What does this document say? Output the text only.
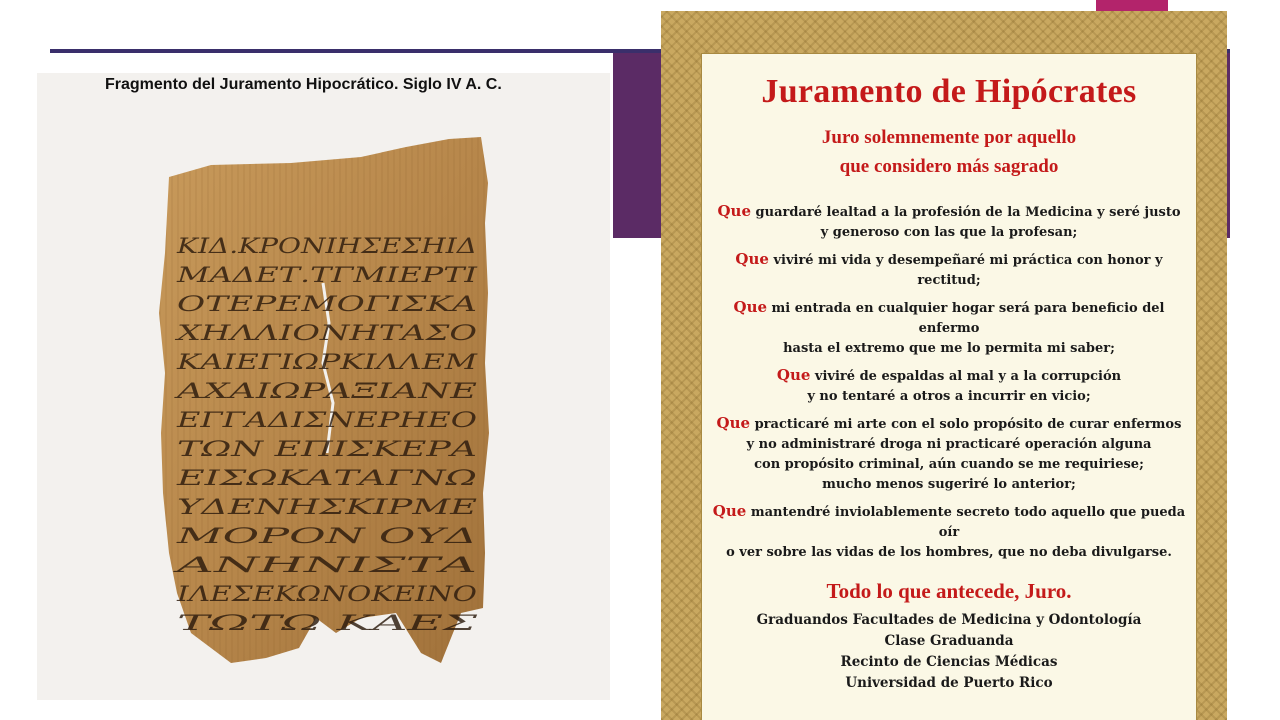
ΚΙΔ.ΚΡΟΝΙΗΣΕΣΗΙΔ
ΜΑΔΕΤ.ΤΓΜΙΕΡΤΙ
ΟΤΕΡΕΜΟΓΙΣΚΑ
ΧΗΛΛΙΟΝΗΤΑΣΟ
ΚΑΙΕΓΙΩΡΚΙΛΛΕΜ
ΑΧΑΙΩΡΑΞΙΑΝΕ
ΕΓΓΑΔΙΣΝΕΡΗΕΟ
ΤΩΝ ΕΠΙΣΚΕΡΑ
ΕΙΣΩΚΑΤΑΓΝΩ
ΥΔΕΝΗΣΚΙΡΜΕ
ΜΟΡΟΝ ΟΥΔ
ΑΝΗΝΙΣΤΑ
ΙΛΕΣΕΚΩΝΟΚΕΙΝΟ
ΤΩΤΩ ΚΑΕΣ
Fragmento del Juramento Hipocrático. Siglo IV A. C.	Juramento de Hipócrates
Juro solemnemente por aquello
que considero más sagrado
Que guardaré lealtad a la profesión de la Medicina y seré justo
y generoso con las que la profesan;
Que viviré mi vida y desempeñaré mi práctica con honor y rectitud;
Que mi entrada en cualquier hogar será para beneficio del enfermo
hasta el extremo que me lo permita mi saber;
Que viviré de espaldas al mal y a la corrupción
y no tentaré a otros a incurrir en vicio;
Que practicaré mi arte con el solo propósito de curar enfermos
y no administraré droga ni practicaré operación alguna
con propósito criminal, aún cuando se me requiriese;
mucho menos sugeriré lo anterior;
Que mantendré inviolablemente secreto todo aquello que pueda oír
o ver sobre las vidas de los hombres, que no deba divulgarse.
Todo lo que antecede, Juro.
Graduandos Facultades de Medicina y Odontología
Clase Graduanda
Recinto de Ciencias Médicas
Universidad de Puerto Rico
